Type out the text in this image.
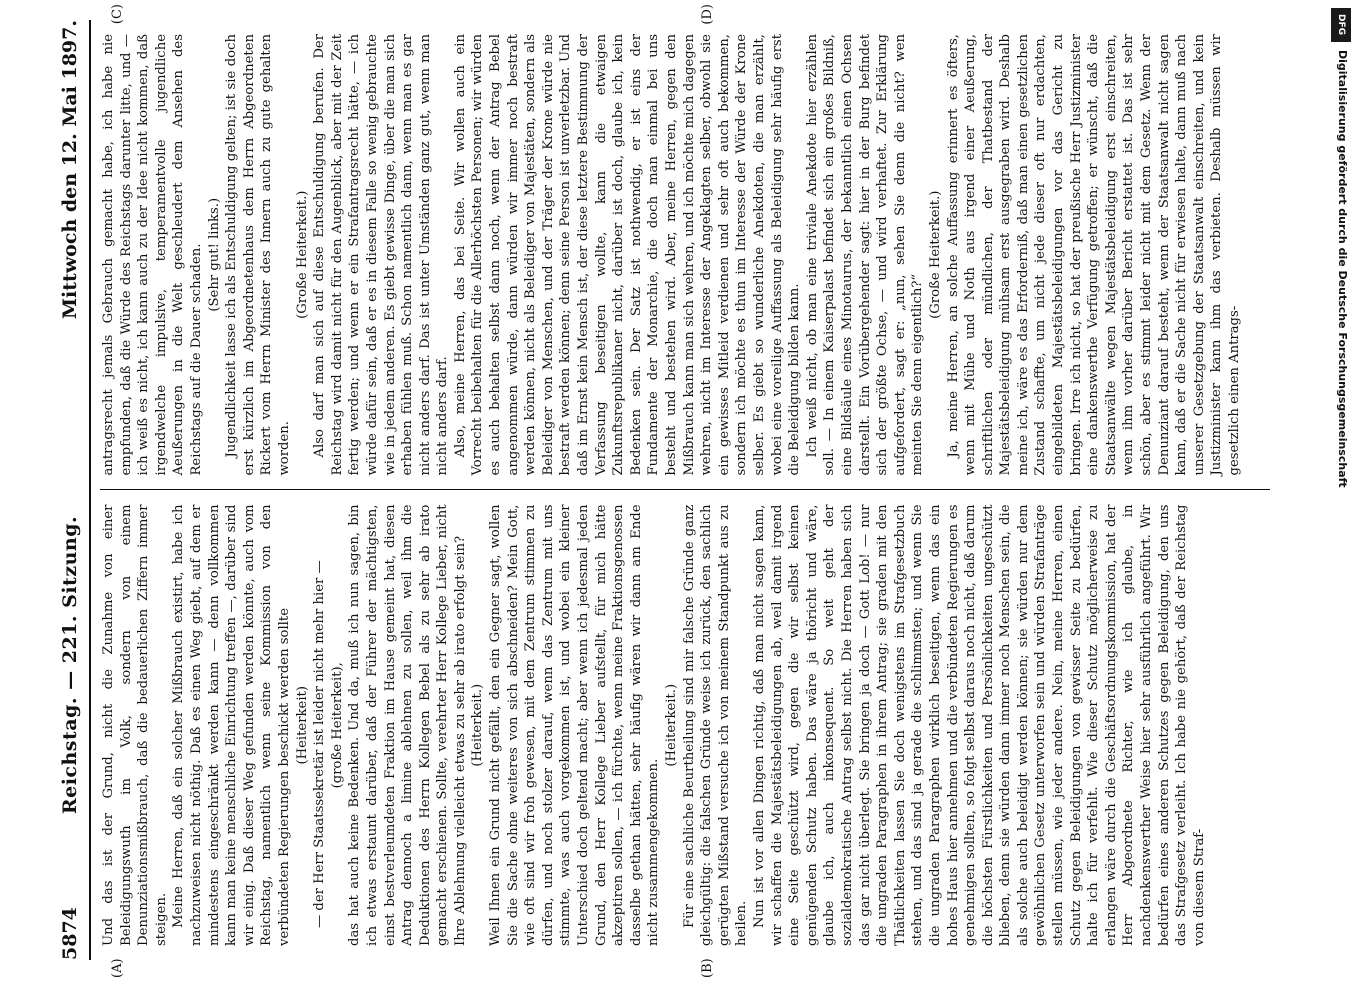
5874
Reichstag. — 221. Sitzung.
Mittwoch den 12. Mai 1897.
(A)	(B)
(C)	(D)

Und das ist der Grund, nicht die Zunahme von einer Beleidigungswuth im Volk, sondern von einem Denunziationsmißbrauch, daß die bedauerlichen Ziffern immer steigen. Meine Herren, daß ein solcher Mißbrauch existirt, habe ich nachzuweisen nicht nöthig. Daß es einen Weg giebt, auf dem er mindestens eingeschränkt werden kann — denn vollkommen kann man keine menschliche Einrichtung treffen —, darüber sind wir einig. Daß dieser Weg gefunden werden könnte, auch vom Reichstag, namentlich wenn seine Kommission von den verbündeten Regierungen beschickt werden sollte (Heiterkeit) — der Herr Staatssekretär ist leider nicht mehr hier — (große Heiterkeit), das hat auch keine Bedenken. Und da, muß ich nun sagen, bin ich etwas erstaunt darüber, daß der Führer der mächtigsten, einst bestverleumdeten Fraktion im Hause gemeint hat, diesen Antrag dennoch a limine ablehnen zu sollen, weil ihm die Deduktionen des Herrn Kollegen Bebel als zu sehr ab irato gemacht erschienen. Sollte, verehrter Herr Kollege Lieber, nicht Ihre Ablehnung vielleicht etwas zu sehr ab irato erfolgt sein? (Heiterkeit.) Weil Ihnen ein Grund nicht gefällt, den ein Gegner sagt, wollen Sie die Sache ohne weiteres von sich abschneiden? Mein Gott, wie oft sind wir froh gewesen, mit dem Zentrum stimmen zu dürfen, und noch stolzer darauf, wenn das Zentrum mit uns stimmte, was auch vorgekommen ist, und wobei ein kleiner Unterschied doch geltend macht; aber wenn ich jedesmal jeden Grund, den Herr Kollege Lieber aufstellt, für mich hätte akzeptiren sollen, — ich fürchte, wenn meine Fraktionsgenossen dasselbe gethan hätten, sehr häufig wären wir dann am Ende nicht zusammengekommen.

(Heiterkeit.) Für eine sachliche Beurtheilung sind mir falsche Gründe ganz gleichgültig: die falschen Gründe weise ich zurück, den sachlich gerügten Mißstand versuche ich von meinem Standpunkt aus zu heilen. Nun ist vor allen Dingen richtig, daß man nicht sagen kann, wir schaffen die Majestätsbeleidigungen ab, weil damit irgend eine Seite geschützt wird, gegen die wir selbst keinen genügenden Schutz haben. Das wäre ja thöricht und wäre, glaube ich, auch inkonsequent. So weit geht der sozialdemokratische Antrag selbst nicht. Die Herren haben sich das gar nicht überlegt. Sie bringen ja doch — Gott Lob! — nur die ungraden Paragraphen in ihrem Antrag; sie graden mit den Thätlichkeiten lassen Sie doch wenigstens im Strafgesetzbuch stehen, und das sind ja gerade die schlimmsten; und wenn Sie die ungraden Paragraphen wirklich beseitigen, wenn das ein hohes Haus hier annehmen und die verbündeten Regierungen es genehmigen sollten, so folgt selbst daraus noch nicht, daß darum die höchsten Fürstlichkeiten und Persönlichkeiten ungeschützt blieben, denn sie würden dann immer noch Menschen sein, die als solche auch beleidigt werden können; sie würden nur dem gewöhnlichen Gesetz unterworfen sein und würden Strafanträge stellen müssen, wie jeder andere. Nein, meine Herren, einen Schutz gegen Beleidigungen von gewisser Seite zu bedürfen, halte ich für verfehlt. Wie dieser Schutz möglicherweise zu erlangen wäre durch die Geschäftsordnungskommission, hat der Herr Abgeordnete Richter, wie ich glaube, in nachdenkenswerther Weise hier sehr ausführlich angeführt. Wir bedürfen eines anderen Schutzes gegen Beleidigung, den uns das Strafgesetz verleiht. Ich habe nie gehört, daß der Reichstag von diesem Straf-

antragsrecht jemals Gebrauch gemacht habe, ich habe nie empfunden, daß die Würde des Reichstags darunter litte, und — ich weiß es nicht, ich kann auch zu der Idee nicht kommen, daß irgendwelche impulsive, temperamentvolle jugendliche Aeußerungen in die Welt geschleudert dem Ansehen des Reichstags auf die Dauer schaden. (Sehr gut! links.) Jugendlichkeit lasse ich als Entschuldigung gelten; ist sie doch erst kürzlich im Abgeordnetenhaus dem Herrn Abgeordneten Rickert vom Herrn Minister des Innern auch zu gute gehalten worden.

(Große Heiterkeit.) Also darf man sich auf diese Entschuldigung berufen. Der Reichstag wird damit nicht für den Augenblick, aber mit der Zeit fertig werden; und wenn er ein Strafantragsrecht hätte, — ich würde dafür sein, daß er es in diesem Falle so wenig gebrauchte wie in jedem anderen. Es giebt gewisse Dinge, über die man sich erhaben fühlen muß. Schon namentlich dann, wenn man es gar nicht anders darf. Das ist unter Umständen ganz gut, wenn man nicht anders darf. Also, meine Herren, das bei Seite. Wir wollen auch ein Vorrecht beibehalten für die Allerhöchsten Personen; wir würden es auch behalten selbst dann noch, wenn der Antrag Bebel angenommen würde, dann würden wir immer noch bestraft werden können, nicht als Beleidiger von Majestäten, sondern als Beleidiger von Menschen, und der Träger der Krone würde nie bestraft werden können; denn seine Person ist unverletzbar. Und daß im Ernst kein Mensch ist, der diese letztere Bestimmung der Verfassung beseitigen wollte, kann die etwaigen Zukunftsrepublikaner nicht, darüber ist doch, glaube ich, kein Bedenken sein. Der Satz ist nothwendig, er ist eins der Fundamente der Monarchie, die doch man einmal bei uns besteht und bestehen wird. Aber, meine Herren, gegen den Mißbrauch kann man sich wehren, und ich möchte mich dagegen wehren, nicht im Interesse der Angeklagten selber, obwohl sie ein gewisses Mitleid verdienen und sehr oft auch bekommen, sondern ich möchte es thun im Interesse der Würde der Krone selber. Es giebt so wunderliche Anekdoten, die man erzählt, wobei eine voreilige Auffassung als Beleidigung sehr häufig erst die Beleidigung bilden kann. Ich weiß nicht, ob man eine triviale Anekdote hier erzählen soll. — In einem Kaiserpalast befindet sich ein großes Bildniß, eine Bildsäule eines Minotaurus, der bekanntlich einen Ochsen darstellt. Ein Vorübergehender sagt: hier in der Burg befindet sich der größte Ochse, — und wird verhaftet. Zur Erklärung aufgefordert, sagt er: „nun, sehen Sie denn die nicht? wen meinten Sie denn eigentlich?“

(Große Heiterkeit.) Ja, meine Herren, an solche Auffassung erinnert es öfters, wenn mit Mühe und Noth aus irgend einer Aeußerung, schriftlichen oder mündlichen, der Thatbestand der Majestätsbeleidigung mühsam erst ausgegraben wird. Deshalb meine ich, wäre es das Erforderniß, daß man einen gesetzlichen Zustand schaffte, um nicht jede dieser oft nur erdachten, eingebildeten Majestätsbeleidigungen vor das Gericht zu bringen. Irre ich nicht, so hat der preußische Herr Justizminister eine dankenswerthe Verfügung getroffen; er wünscht, daß die Staatsanwälte wegen Majestätsbeleidigung erst einschreiten, wenn ihm vorher darüber Bericht erstattet ist. Das ist sehr schön, aber es stimmt leider nicht mit dem Gesetz. Wenn der Denunziant darauf besteht, wenn der Staatsanwalt nicht sagen kann, daß er die Sache nicht für erwiesen halte, dann muß nach unserer Gesetzgebung der Staatsanwalt einschreiten, und kein Justizminister kann ihm das verbieten. Deshalb müssen wir gesetzlich einen Antrags-

DFG
Digitalisierung gefördert durch die Deutsche Forschungsgemeinschaft
